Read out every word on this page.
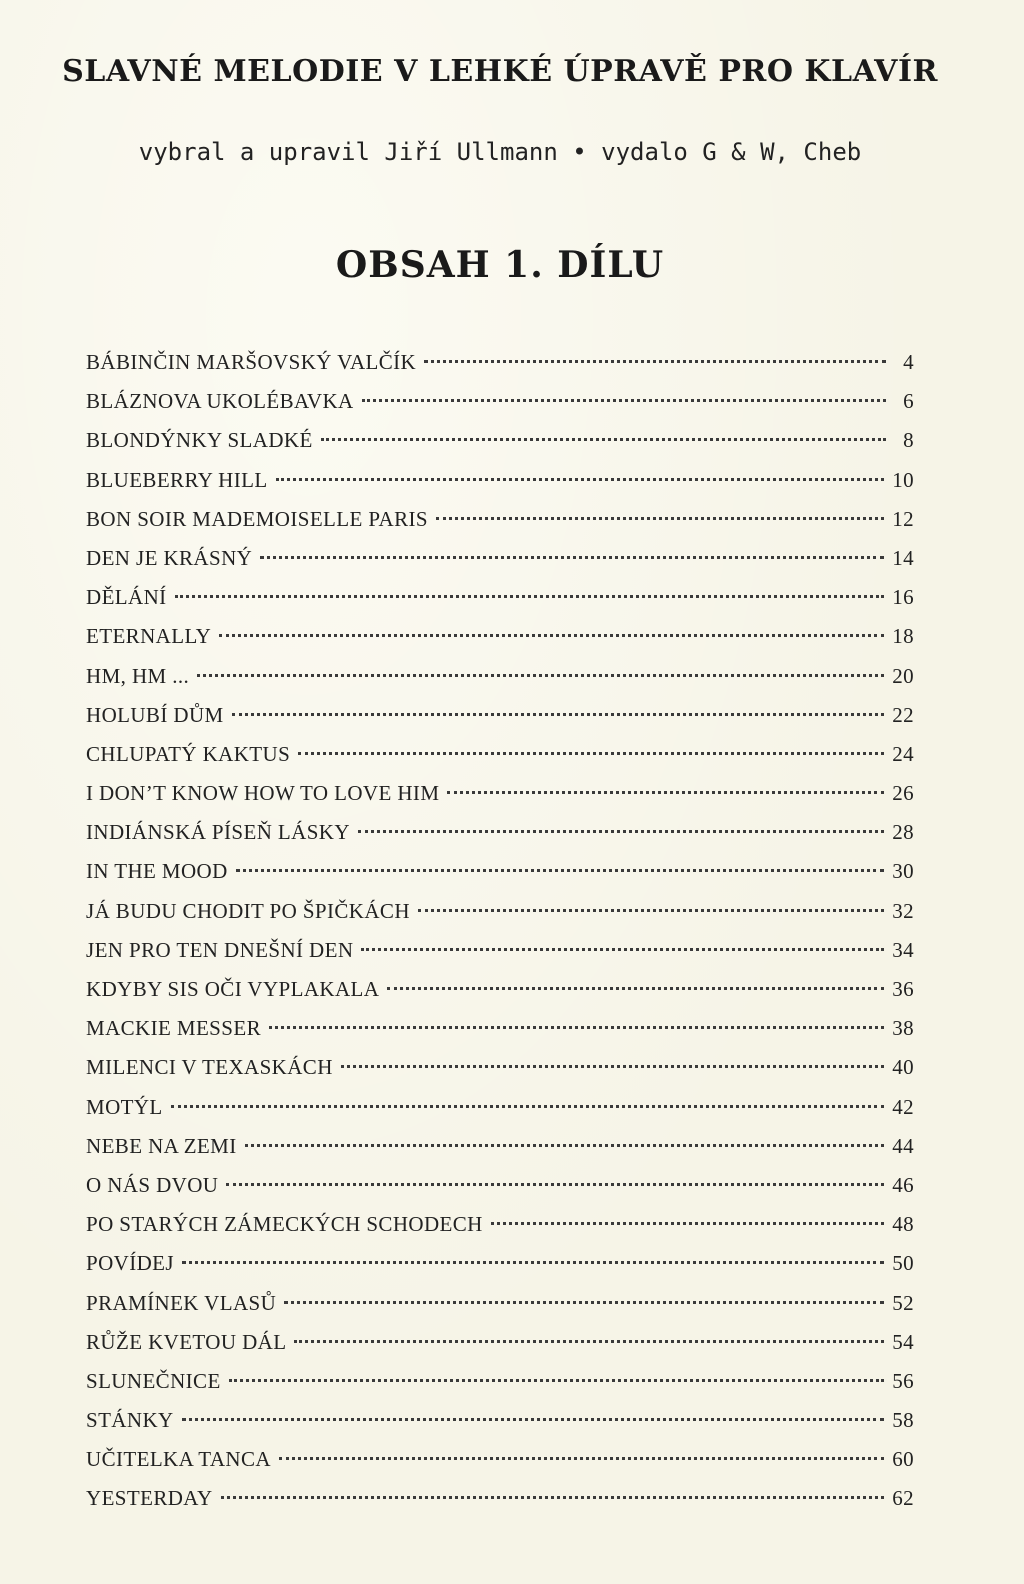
SLAVNÉ MELODIE V LEHKÉ ÚPRAVĚ PRO KLAVÍR
vybral a upravil Jiří Ullmann • vydalo G & W, Cheb
OBSAH 1. DÍLU
BÁBINČIN MARŠOVSKÝ VALČÍK	4
BLÁZNOVA UKOLÉBAVKA	6
BLONDÝNKY SLADKÉ	8
BLUEBERRY HILL	10
BON SOIR MADEMOISELLE PARIS	12
DEN JE KRÁSNÝ	14
DĚLÁNÍ	16
ETERNALLY	18
HM, HM ...	20
HOLUBÍ DŮM	22
CHLUPATÝ KAKTUS	24
I DON’T KNOW HOW TO LOVE HIM	26
INDIÁNSKÁ PÍSEŇ LÁSKY	28
IN THE MOOD	30
JÁ BUDU CHODIT PO ŠPIČKÁCH	32
JEN PRO TEN DNEŠNÍ DEN	34
KDYBY SIS OČI VYPLAKALA	36
MACKIE MESSER	38
MILENCI V TEXASKÁCH	40
MOTÝL	42
NEBE NA ZEMI	44
O NÁS DVOU	46
PO STARÝCH ZÁMECKÝCH SCHODECH	48
POVÍDEJ	50
PRAMÍNEK VLASŮ	52
RŮŽE KVETOU DÁL	54
SLUNEČNICE	56
STÁNKY	58
UČITELKA TANCA	60
YESTERDAY	62
